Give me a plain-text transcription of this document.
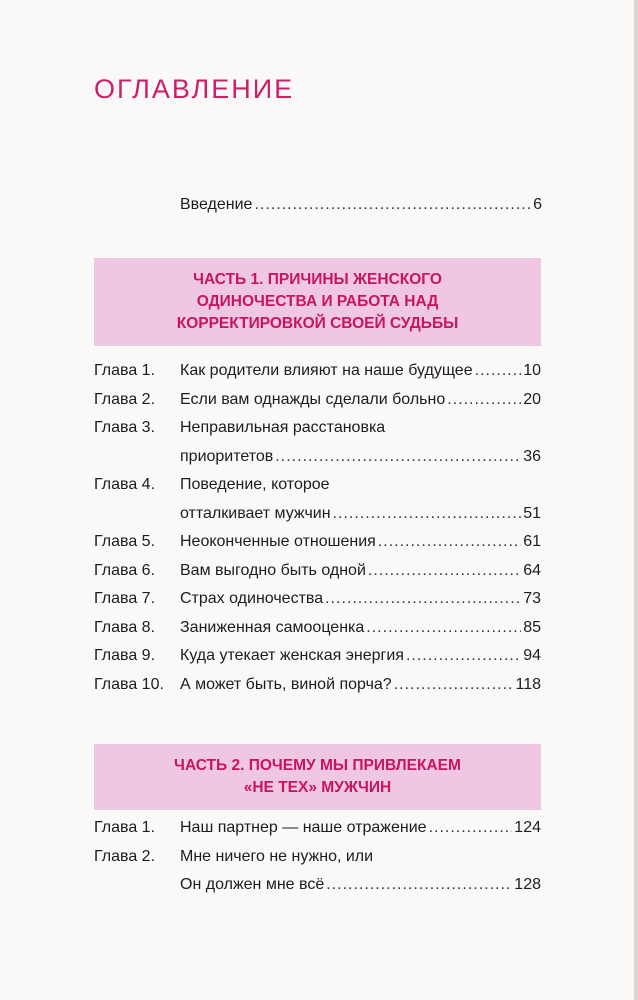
ОГЛАВЛЕНИЕ
Введение .....	6
ЧАСТЬ 1. ПРИЧИНЫ ЖЕНСКОГО
ОДИНОЧЕСТВА И РАБОТА НАД
КОРРЕКТИРОВКОЙ СВОЕЙ СУДЬБЫ
Глава 1.	Как родители влияют на наше будущее .....	10
Глава 2.	Если вам однажды сделали больно .....	20
Глава 3.	Неправильная расстановка
приоритетов .....	36
Глава 4.	Поведение, которое
отталкивает мужчин .....	51
Глава 5.	Неоконченные отношения .....	61
Глава 6.	Вам выгодно быть одной .....	64
Глава 7.	Страх одиночества .....	73
Глава 8.	Заниженная самооценка .....	85
Глава 9.	Куда утекает женская энергия .....	94
Глава 10.	А может быть, виной порча? .....	118
ЧАСТЬ 2. ПОЧЕМУ МЫ ПРИВЛЕКАЕМ
«НЕ ТЕХ» МУЖЧИН
Глава 1.	Наш партнер — наше отражение .....	124
Глава 2.	Мне ничего не нужно, или
Он должен мне всё .....	128
